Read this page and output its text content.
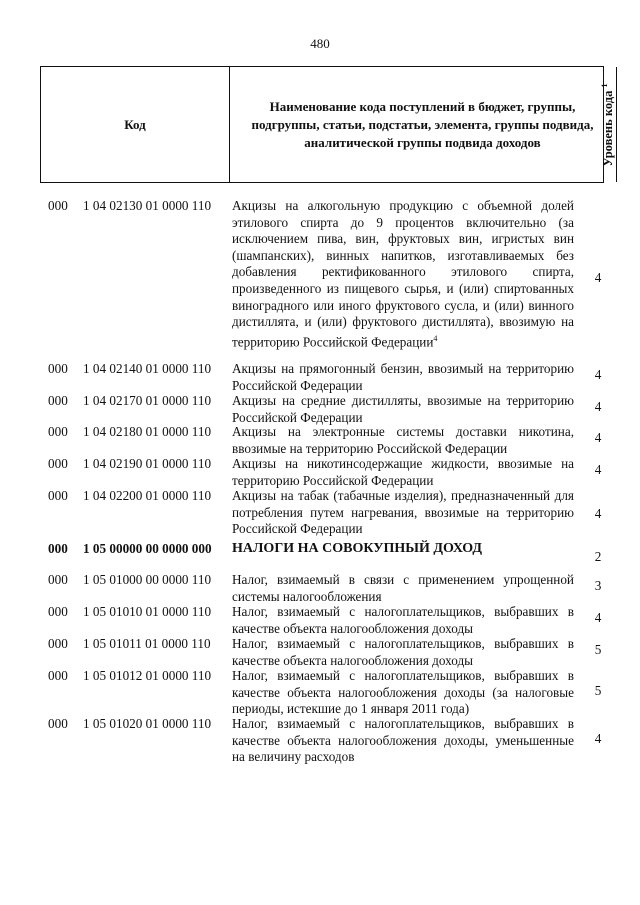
480
Код
Наименование кода поступлений в бюджет, группы, подгруппы, статьи, подстатьи, элемента, группы подвида, аналитической группы подвида доходов	Уровень кода $^1$
000 1 04 02130 01 0000 110 Акцизы на алкогольную продукцию с объемной долей этилового спирта до 9 процентов включительно (за исключением пива, вин, фруктовых вин, игристых вин (шампанских), винных напитков, изготавливаемых без добавления ректификованного этилового спирта, произведенного из пищевого сырья, и (или) спиртованных виноградного или иного фруктового сусла, и (или) винного дистиллята, и (или) фруктового дистиллята), ввозимую на территорию Российской Федерации$^4$
4
000 1 04 02140 01 0000 110 Акцизы на прямогонный бензин, ввозимый на территорию Российской Федерации
4
000 1 04 02170 01 0000 110 Акцизы на средние дистилляты, ввозимые на территорию Российской Федерации
4
000 1 04 02180 01 0000 110 Акцизы на электронные системы доставки никотина, ввозимые на территорию Российской Федерации
4
000 1 04 02190 01 0000 110 Акцизы на никотинсодержащие жидкости, ввозимые на территорию Российской Федерации
4
000 1 04 02200 01 0000 110 Акцизы на табак (табачные изделия), предназначенный для потребления путем нагревания, ввозимые на территорию Российской Федерации
4
000 1 05 00000 00 0000 000 НАЛОГИ НА СОВОКУПНЫЙ ДОХОД
2
000 1 05 01000 00 0000 110 Налог, взимаемый в связи с применением упрощенной системы налогообложения
3
000 1 05 01010 01 0000 110 Налог, взимаемый с налогоплательщиков, выбравших в качестве объекта налогообложения доходы
4
000 1 05 01011 01 0000 110 Налог, взимаемый с налогоплательщиков, выбравших в качестве объекта налогообложения доходы
5
000 1 05 01012 01 0000 110 Налог, взимаемый с налогоплательщиков, выбравших в качестве объекта налогообложения доходы (за налоговые периоды, истекшие до 1 января 2011 года)
5
000 1 05 01020 01 0000 110 Налог, взимаемый с налогоплательщиков, выбравших в качестве объекта налогообложения доходы, уменьшенные на величину расходов
4
